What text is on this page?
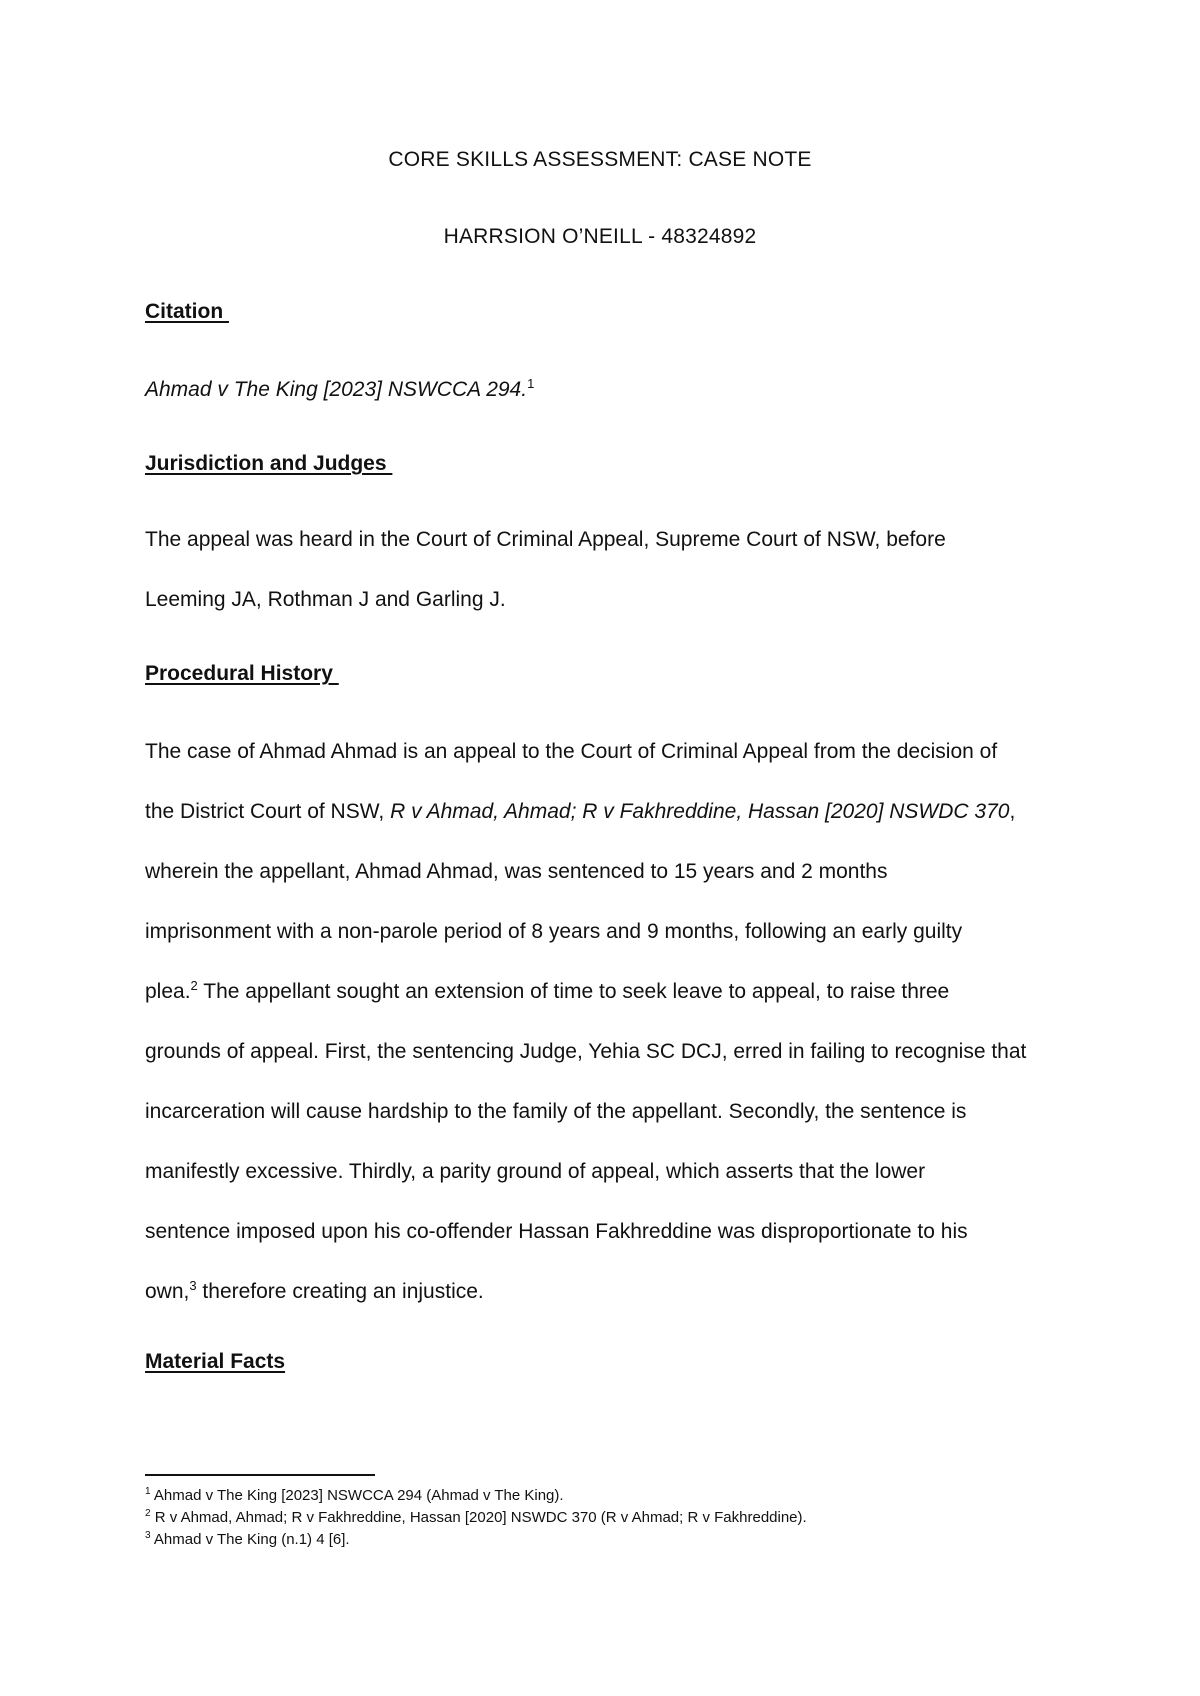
CORE SKILLS ASSESSMENT: CASE NOTE
HARRSION O’NEILL - 48324892
Citation
Ahmad v The King [2023] NSWCCA 294.$^1$
Jurisdiction and Judges
The appeal was heard in the Court of Criminal Appeal, Supreme Court of NSW, before
Leeming JA, Rothman J and Garling J.
Procedural History
The case of Ahmad Ahmad is an appeal to the Court of Criminal Appeal from the decision of
the District Court of NSW, R v Ahmad, Ahmad; R v Fakhreddine, Hassan [2020] NSWDC 370,
wherein the appellant, Ahmad Ahmad, was sentenced to 15 years and 2 months
imprisonment with a non-parole period of 8 years and 9 months, following an early guilty
plea.$^2$ The appellant sought an extension of time to seek leave to appeal, to raise three
grounds of appeal. First, the sentencing Judge, Yehia SC DCJ, erred in failing to recognise that
incarceration will cause hardship to the family of the appellant. Secondly, the sentence is
manifestly excessive. Thirdly, a parity ground of appeal, which asserts that the lower
sentence imposed upon his co-offender Hassan Fakhreddine was disproportionate to his
own,$^3$ therefore creating an injustice.
Material Facts
$^1$ Ahmad v The King [2023] NSWCCA 294 (Ahmad v The King).
$^2$ R v Ahmad, Ahmad; R v Fakhreddine, Hassan [2020] NSWDC 370 (R v Ahmad; R v Fakhreddine).
$^3$ Ahmad v The King (n.1) 4 [6].
